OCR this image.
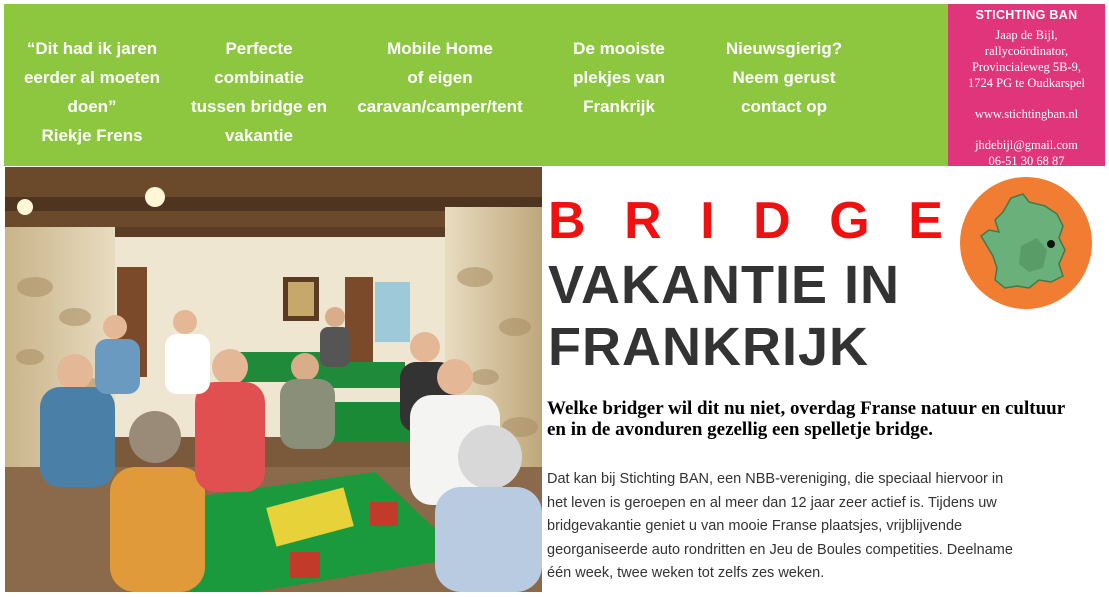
“Dit had ik jaren
eerder al moeten
doen”
Riekje Frens
Perfecte
combinatie
tussen bridge en
vakantie
Mobile Home
of eigen
caravan/camper/tent
De mooiste
plekjes van
Frankrijk
Nieuwsgierig?
Neem gerust
contact op
STICHTING BAN
Jaap de Bijl,
rallycoördinator,
Provincialeweg 5B-9,
1724 PG te Oudkarspel
www.stichtingban.nl
jhdebijl@gmail.com
06-51 30 68 87
B R I D G E
VAKANTIE IN
FRANKRIJK
Welke bridger wil dit nu niet, overdag Franse natuur en cultuur en in de avonduren gezellig een spelletje bridge.
Dat kan bij Stichting BAN, een NBB-vereniging, die speciaal hiervoor in het leven is geroepen en al meer dan 12 jaar zeer actief is. Tijdens uw bridgevakantie geniet u van mooie Franse plaatsjes, vrijblijvende georganiseerde auto rondritten en Jeu de Boules competities. Deelname één week, twee weken tot zelfs zes weken.
